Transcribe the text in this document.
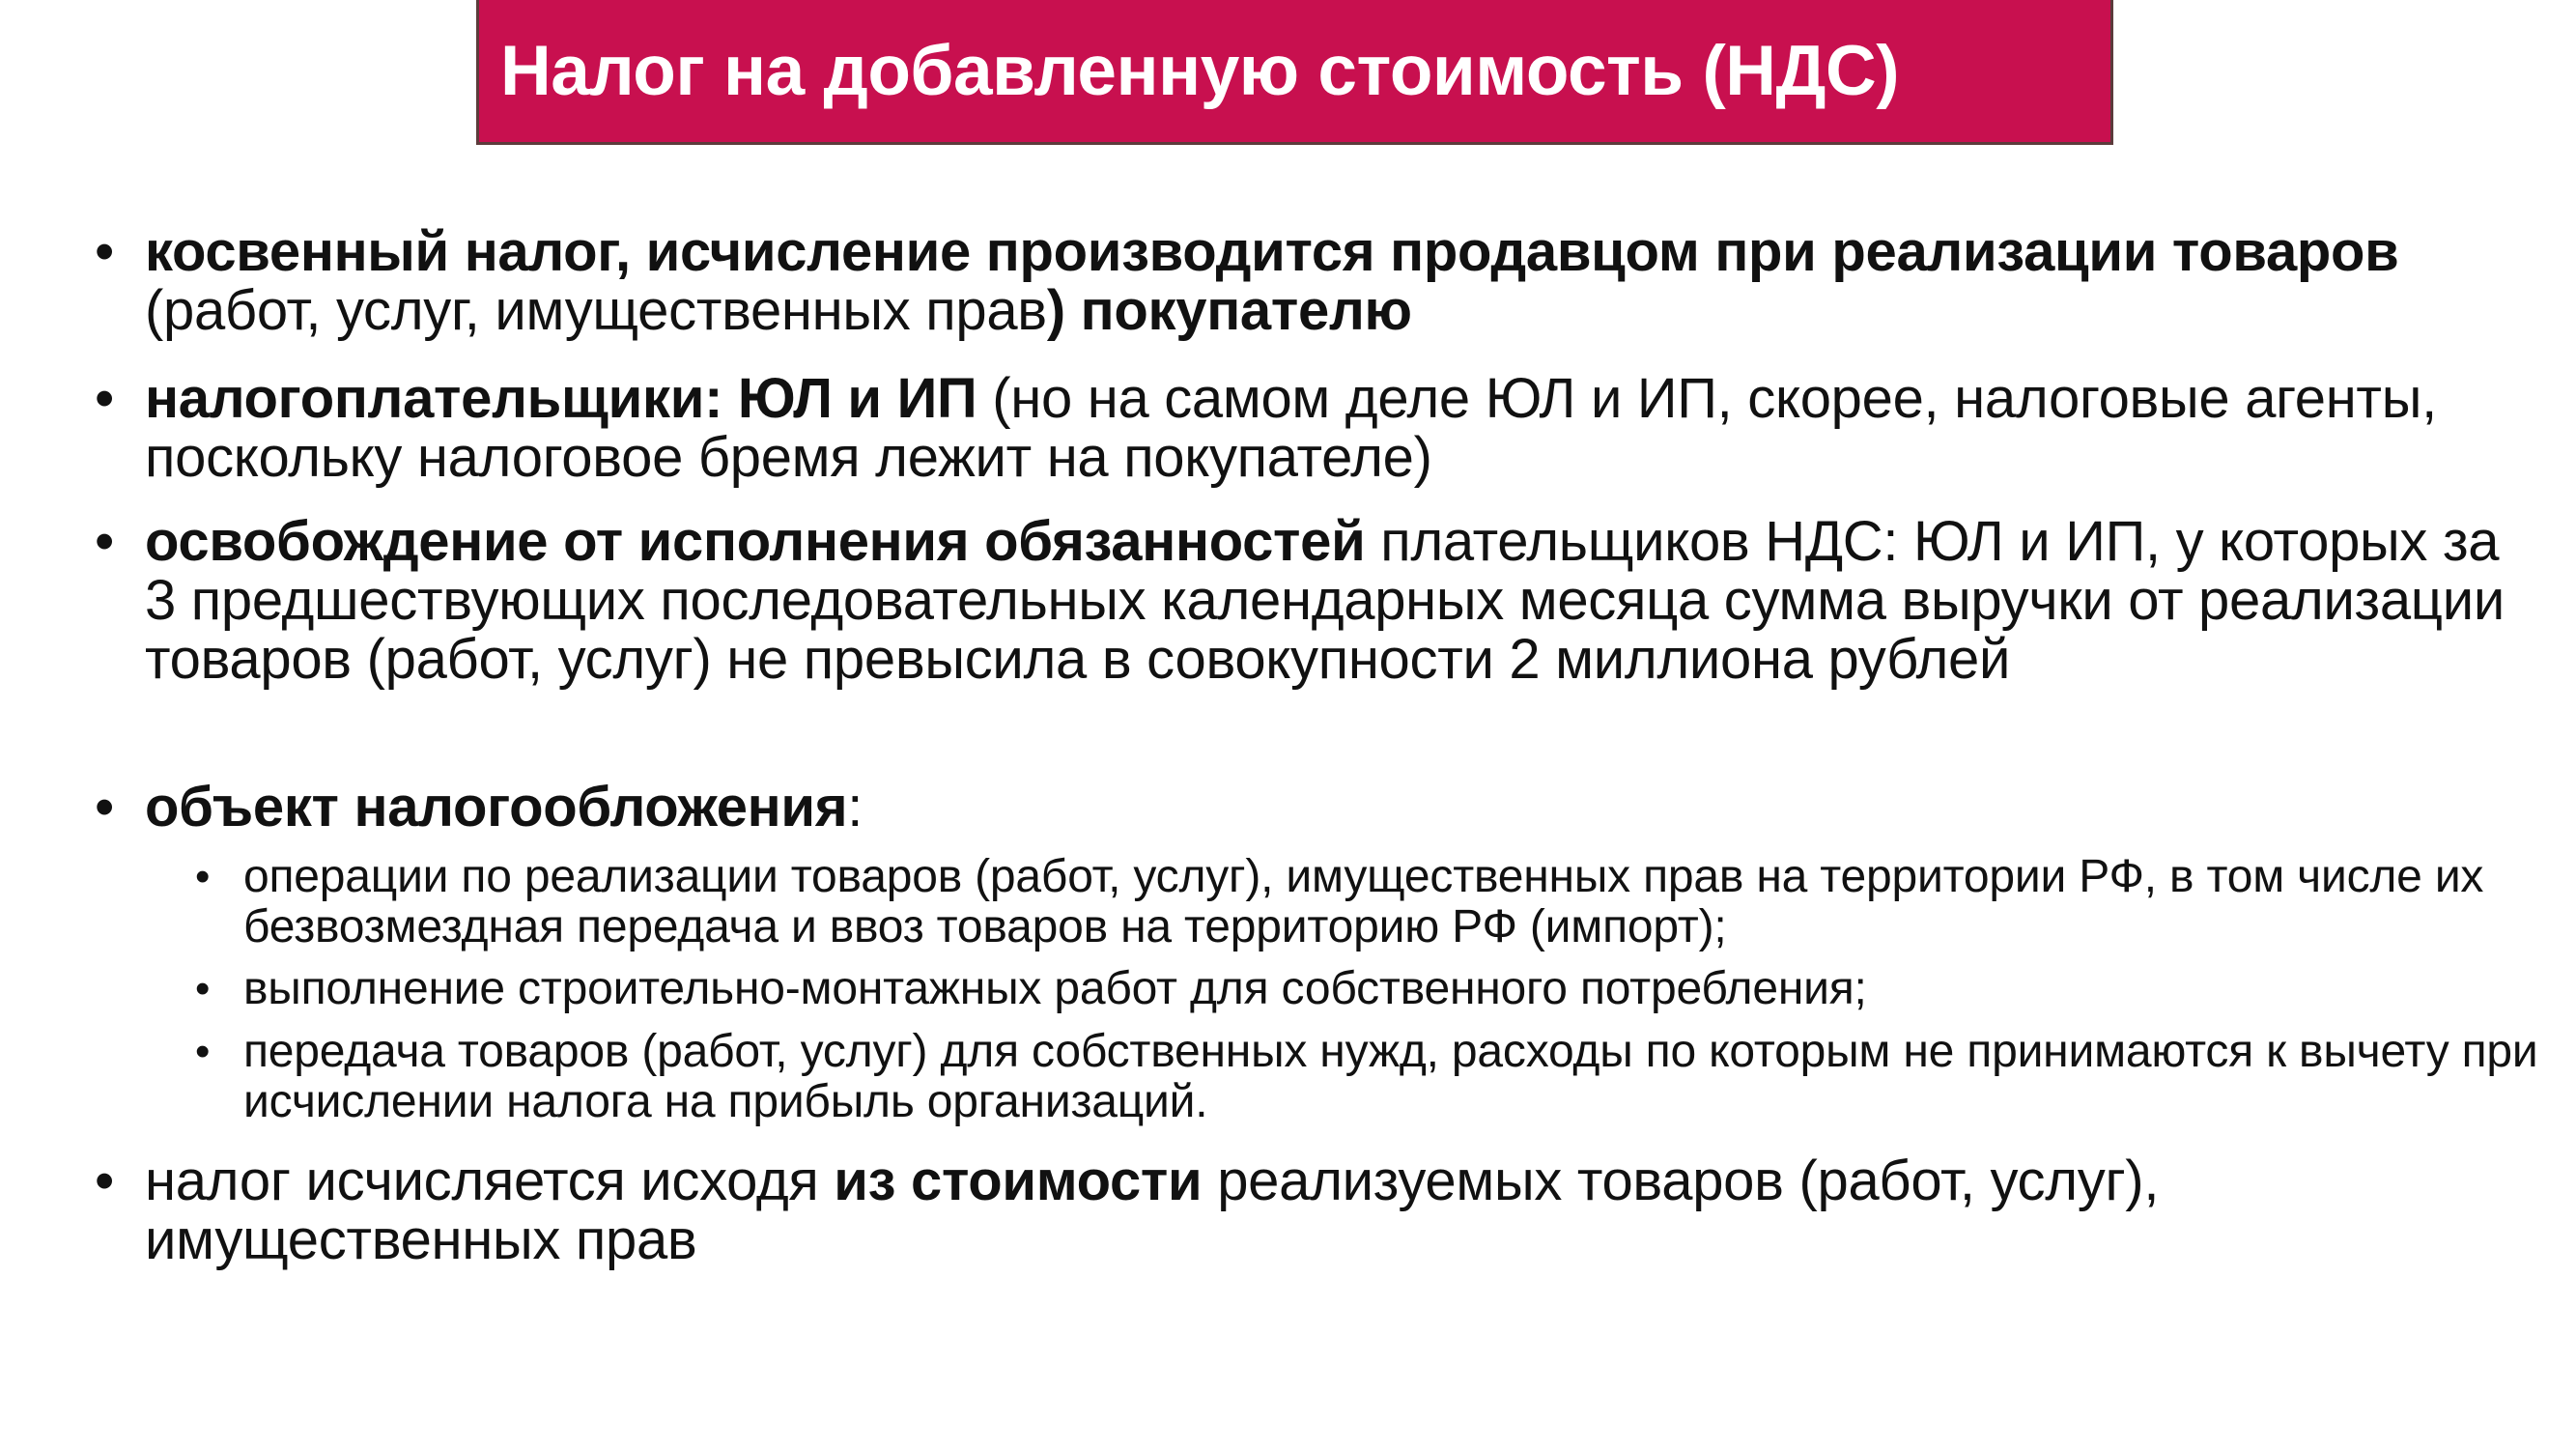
Налог на добавленную стоимость (НДС)
• косвенный налог, исчисление производится продавцом при реализации товаров (работ, услуг, имущественных прав) покупателю
• налогоплательщики: ЮЛ и ИП (но на самом деле ЮЛ и ИП, скорее, налоговые агенты, поскольку налоговое бремя лежит на покупателе)
• освобождение от исполнения обязанностей плательщиков НДС: ЮЛ и ИП, у которых за 3 предшествующих последовательных календарных месяца сумма выручки от реализации товаров (работ, услуг) не превысила в совокупности 2 миллиона рублей
• объект налогообложения:
• операции по реализации товаров (работ, услуг), имущественных прав на территории РФ, в том числе их безвозмездная передача и ввоз товаров на территорию РФ (импорт);
• выполнение строительно-монтажных работ для собственного потребления;
• передача товаров (работ, услуг) для собственных нужд, расходы по которым не принимаются к вычету при исчислении налога на прибыль организаций.
• налог исчисляется исходя из стоимости реализуемых товаров (работ, услуг), имущественных прав
